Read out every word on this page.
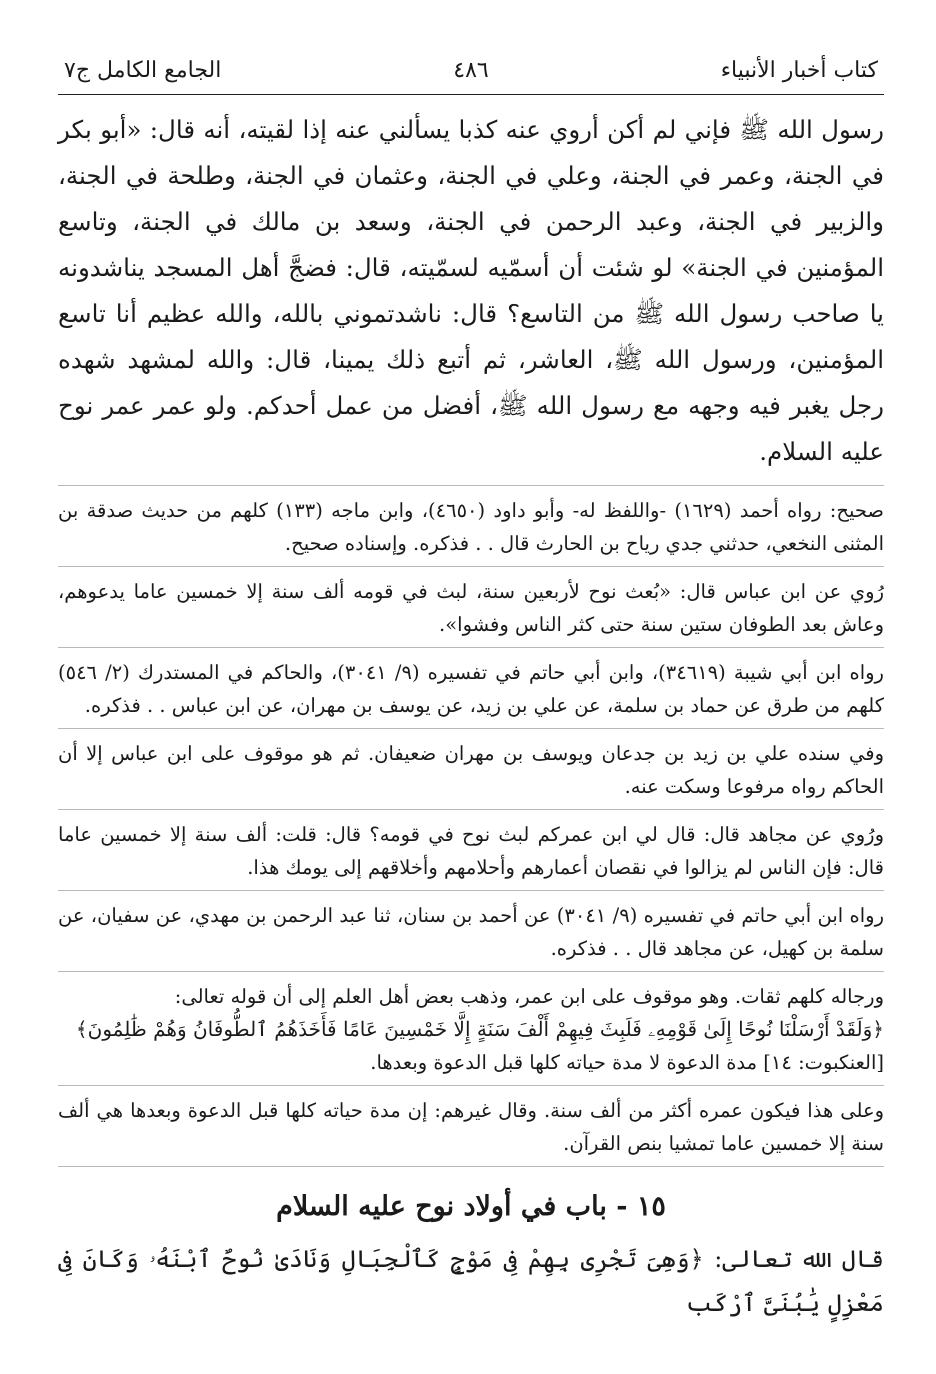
كتاب أخبار الأنبياء
٤٨٦
الجامع الكامل ج٧

رسول الله ﷺ فإني لم أكن أروي عنه كذبا يسألني عنه إذا لقيته، أنه قال: «أبو بكر في الجنة، وعمر في الجنة، وعلي في الجنة، وعثمان في الجنة، وطلحة في الجنة، والزبير في الجنة، وعبد الرحمن في الجنة، وسعد بن مالك في الجنة، وتاسع المؤمنين في الجنة» لو شئت أن أسمّيه لسمّيته، قال: فضجَّ أهل المسجد يناشدونه يا صاحب رسول الله ﷺ من التاسع؟ قال: ناشدتموني بالله، والله عظيم أنا تاسع المؤمنين، ورسول الله ﷺ، العاشر، ثم أتبع ذلك يمينا، قال: والله لمشهد شهده رجل يغبر فيه وجهه مع رسول الله ﷺ، أفضل من عمل أحدكم. ولو عمر عمر نوح عليه السلام.

صحيح: رواه أحمد (١٦٢٩) -واللفظ له- وأبو داود (٤٦٥٠)، وابن ماجه (١٣٣) كلهم من حديث صدقة بن المثنى النخعي، حدثني جدي رياح بن الحارث قال . . فذكره. وإسناده صحيح.

رُوي عن ابن عباس قال: «بُعث نوح لأربعين سنة، لبث في قومه ألف سنة إلا خمسين عاما يدعوهم، وعاش بعد الطوفان ستين سنة حتى كثر الناس وفشوا».

رواه ابن أبي شيبة (٣٤٦١٩)، وابن أبي حاتم في تفسيره (٩/ ٣٠٤١)، والحاكم في المستدرك (٢/ ٥٤٦) كلهم من طرق عن حماد بن سلمة، عن علي بن زيد، عن يوسف بن مهران، عن ابن عباس . . فذكره.

وفي سنده علي بن زيد بن جدعان ويوسف بن مهران ضعيفان. ثم هو موقوف على ابن عباس إلا أن الحاكم رواه مرفوعا وسكت عنه.

ورُوي عن مجاهد قال: قال لي ابن عمركم لبث نوح في قومه؟ قال: قلت: ألف سنة إلا خمسين عاما قال: فإن الناس لم يزالوا في نقصان أعمارهم وأحلامهم وأخلاقهم إلى يومك هذا.

رواه ابن أبي حاتم في تفسيره (٩/ ٣٠٤١) عن أحمد بن سنان، ثنا عبد الرحمن بن مهدي، عن سفيان، عن سلمة بن كهيل، عن مجاهد قال . . فذكره.

ورجاله كلهم ثقات. وهو موقوف على ابن عمر، وذهب بعض أهل العلم إلى أن قوله تعالى:

﴿وَلَقَدْ أَرْسَلْنَا نُوحًا إِلَىٰ قَوْمِهِۦ فَلَبِثَ فِيهِمْ أَلْفَ سَنَةٍ إِلَّا خَمْسِينَ عَامًا فَأَخَذَهُمُ ٱلطُّوفَانُ وَهُمْ ظَٰلِمُونَ﴾

[العنكبوت: ١٤] مدة الدعوة لا مدة حياته كلها قبل الدعوة وبعدها.

وعلى هذا فيكون عمره أكثر من ألف سنة. وقال غيرهم: إن مدة حياته كلها قبل الدعوة وبعدها هي ألف سنة إلا خمسين عاما تمشيا بنص القرآن.

١٥ - باب في أولاد نوح عليه السلام
قال الله تعالى: ﴿وَهِىَ تَجْرِى بِهِمْ فِى مَوْجٍ كَٱلْجِبَالِ وَنَادَىٰ نُوحٌ ٱبْنَهُۥ وَكَانَ فِى مَعْزِلٍ يَٰبُنَىَّ ٱرْكَب
